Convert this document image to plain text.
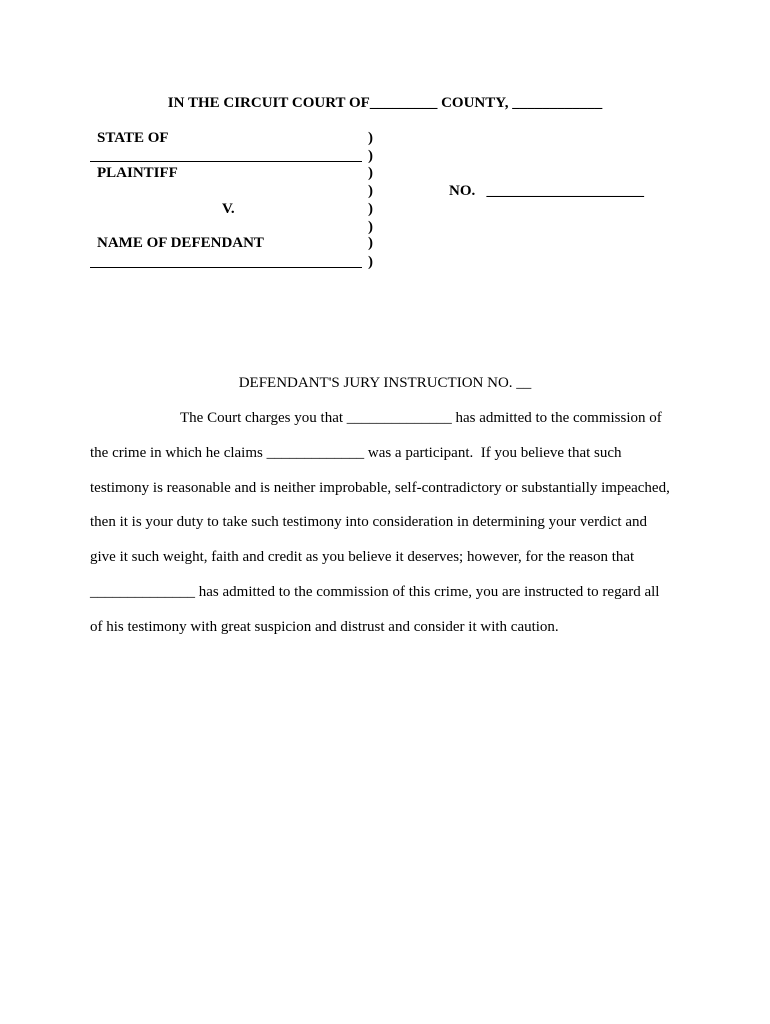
IN THE CIRCUIT COURT OF_________ COUNTY, ____________
STATE OF
PLAINTIFF
V.
NAME OF DEFENDANT
)
)
)
)
)
)
)
)
NO.   _____________________
DEFENDANT'S JURY INSTRUCTION NO. __
The Court charges you that ______________ has admitted to the commission of
the crime in which he claims _____________ was a participant.  If you believe that such
testimony is reasonable and is neither improbable, self-contradictory or substantially impeached,
then it is your duty to take such testimony into consideration in determining your verdict and
give it such weight, faith and credit as you believe it deserves; however, for the reason that
______________ has admitted to the commission of this crime, you are instructed to regard all
of his testimony with great suspicion and distrust and consider it with caution.
